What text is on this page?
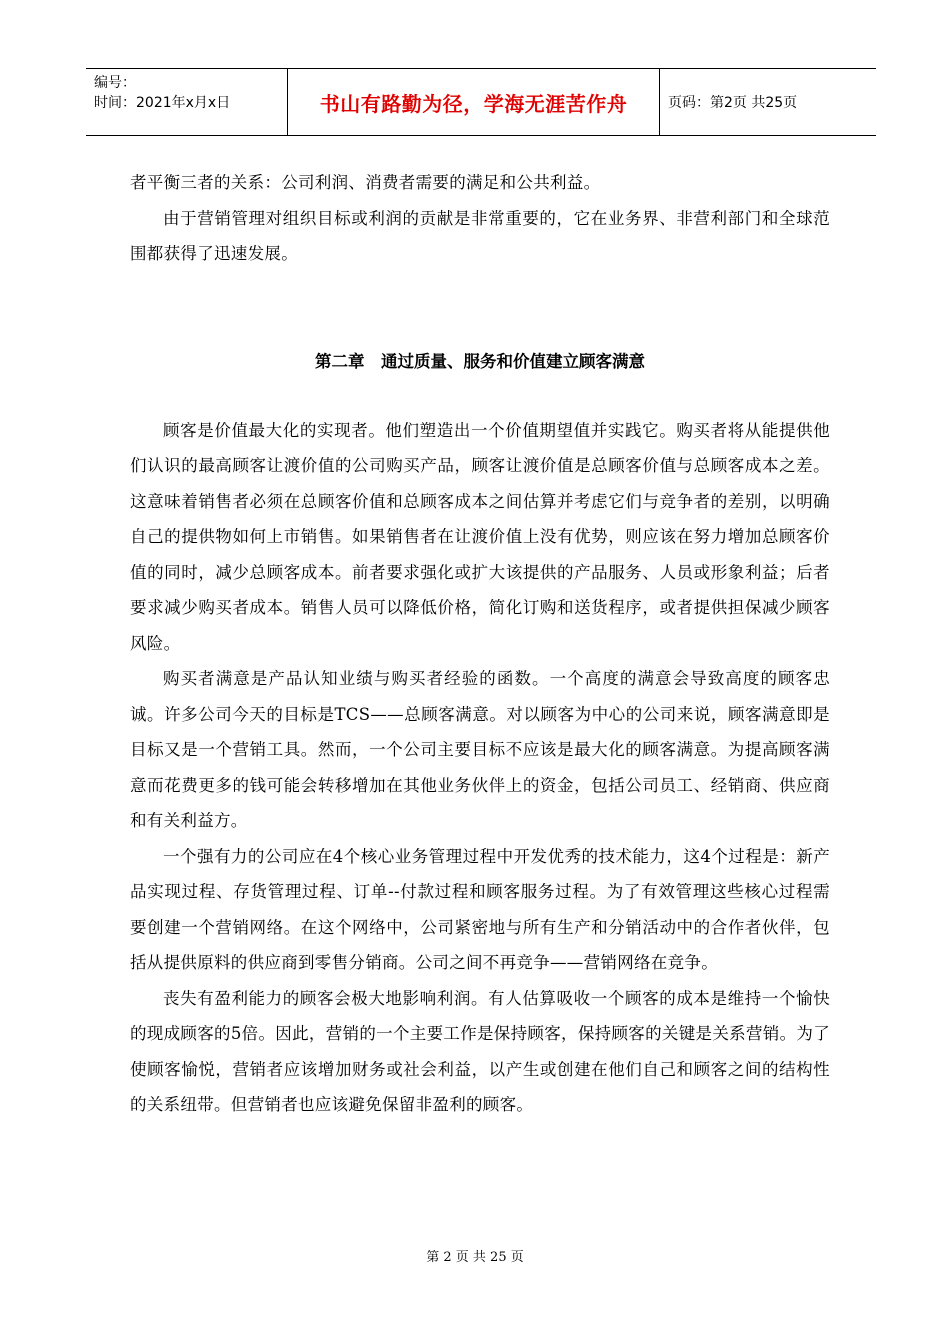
编号：
时间：2021年x月x日	书山有路勤为径，学海无涯苦作舟	页码：第2页 共25页

者平衡三者的关系：公司利润、消费者需要的满足和公共利益。

由于营销管理对组织目标或利润的贡献是非常重要的，它在业务界、非营利部门和全球范围都获得了迅速发展。

第二章　通过质量、服务和价值建立顾客满意

顾客是价值最大化的实现者。他们塑造出一个价值期望值并实践它。购买者将从能提供他们认识的最高顾客让渡价值的公司购买产品，顾客让渡价值是总顾客价值与总顾客成本之差。这意味着销售者必须在总顾客价值和总顾客成本之间估算并考虑它们与竞争者的差别，以明确自己的提供物如何上市销售。如果销售者在让渡价值上没有优势，则应该在努力增加总顾客价值的同时，减少总顾客成本。前者要求强化或扩大该提供的产品服务、人员或形象利益；后者要求减少购买者成本。销售人员可以降低价格，简化订购和送货程序，或者提供担保减少顾客风险。

购买者满意是产品认知业绩与购买者经验的函数。一个高度的满意会导致高度的顾客忠诚。许多公司今天的目标是TCS——总顾客满意。对以顾客为中心的公司来说，顾客满意即是目标又是一个营销工具。然而，一个公司主要目标不应该是最大化的顾客满意。为提高顾客满意而花费更多的钱可能会转移增加在其他业务伙伴上的资金，包括公司员工、经销商、供应商和有关利益方。

一个强有力的公司应在4个核心业务管理过程中开发优秀的技术能力，这4个过程是：新产品实现过程、存货管理过程、订单--付款过程和顾客服务过程。为了有效管理这些核心过程需要创建一个营销网络。在这个网络中，公司紧密地与所有生产和分销活动中的合作者伙伴，包括从提供原料的供应商到零售分销商。公司之间不再竞争——营销网络在竞争。

丧失有盈利能力的顾客会极大地影响利润。有人估算吸收一个顾客的成本是维持一个愉快的现成顾客的5倍。因此，营销的一个主要工作是保持顾客，保持顾客的关键是关系营销。为了使顾客愉悦，营销者应该增加财务或社会利益，以产生或创建在他们自己和顾客之间的结构性的关系纽带。但营销者也应该避免保留非盈利的顾客。

第 2 页 共 25 页
